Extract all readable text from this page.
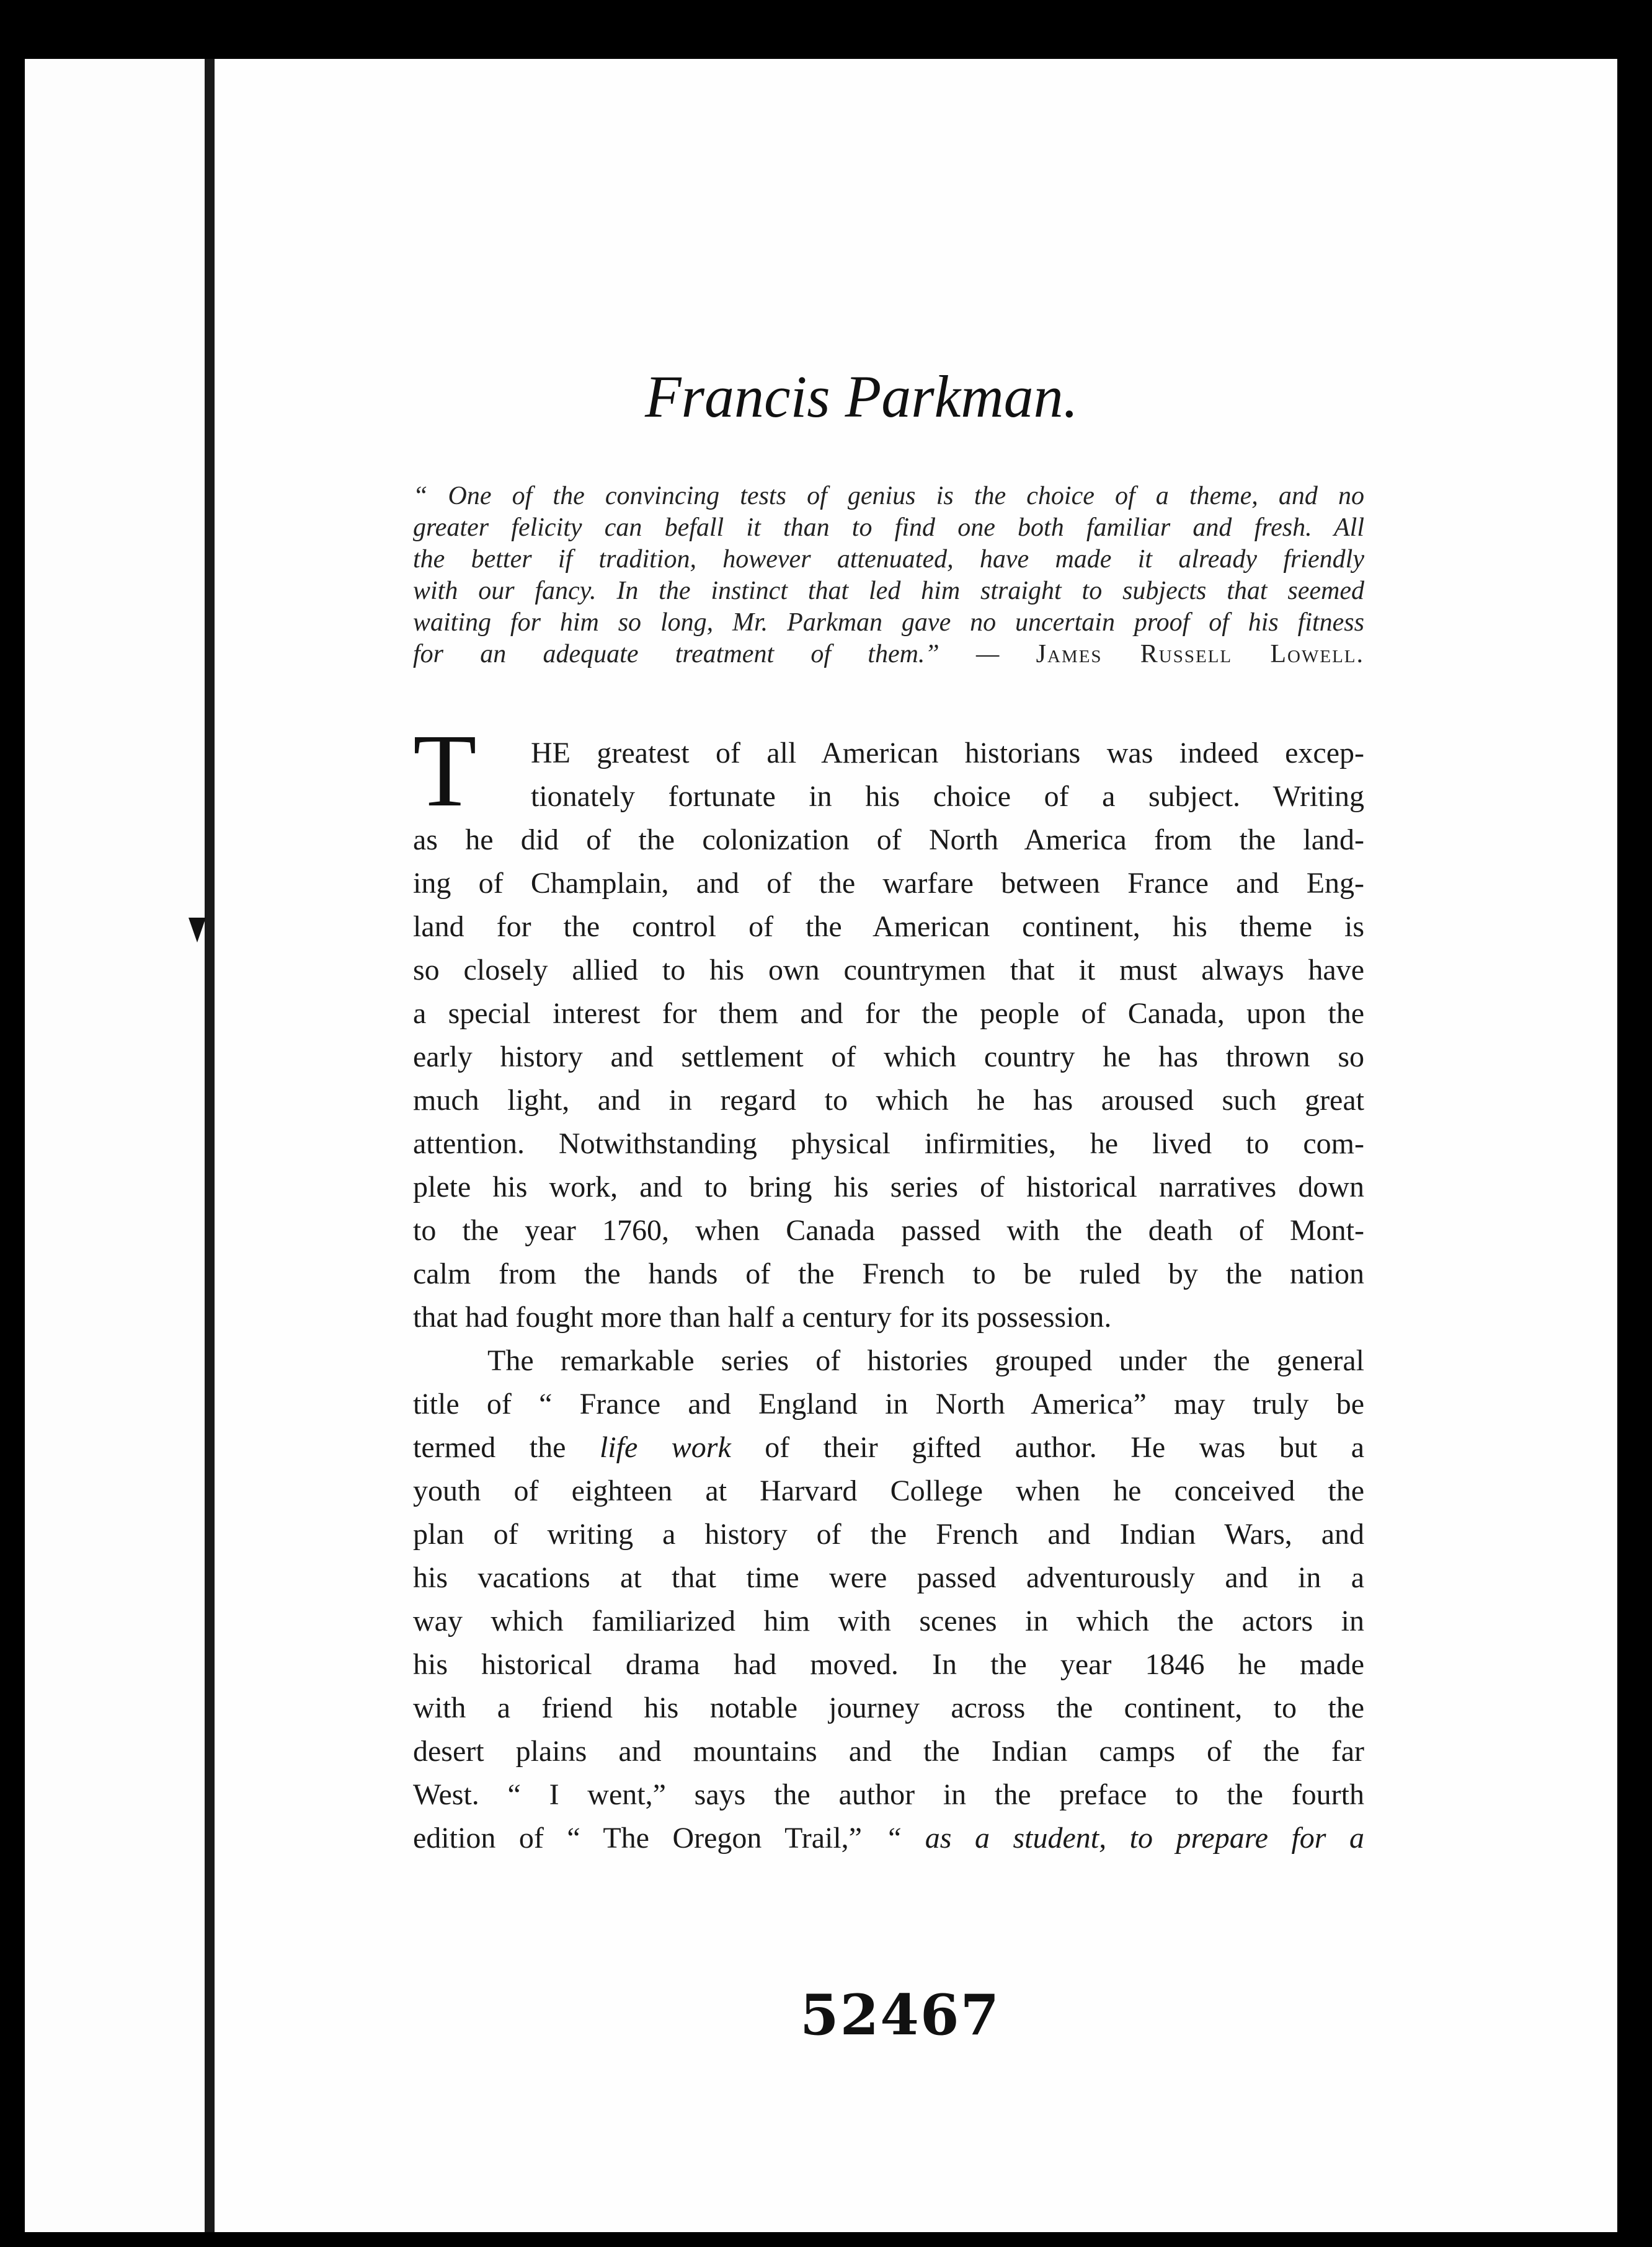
Francis Parkman.
“ One of the convincing tests of genius is the choice of a theme, and no
greater felicity can befall it than to find one both familiar and fresh. All
the better if tradition, however attenuated, have made it already friendly
with our fancy. In the instinct that led him straight to subjects that seemed
waiting for him so long, Mr. Parkman gave no uncertain proof of his fitness
for an adequate treatment of them.” — James Russell Lowell.
T	HE greatest of all American historians was indeed excep-
tionately fortunate in his choice of a subject. Writing
as he did of the colonization of North America from the land-
ing of Champlain, and of the warfare between France and Eng-
land for the control of the American continent, his theme is
so closely allied to his own countrymen that it must always have
a special interest for them and for the people of Canada, upon the
early history and settlement of which country he has thrown so
much light, and in regard to which he has aroused such great
attention. Notwithstanding physical infirmities, he lived to com-
plete his work, and to bring his series of historical narratives down
to the year 1760, when Canada passed with the death of Mont-
calm from the hands of the French to be ruled by the nation
that had fought more than half a century for its possession.
The remarkable series of histories grouped under the general
title of “ France and England in North America” may truly be
termed the life work of their gifted author. He was but a
youth of eighteen at Harvard College when he conceived the
plan of writing a history of the French and Indian Wars, and
his vacations at that time were passed adventurously and in a
way which familiarized him with scenes in which the actors in
his historical drama had moved. In the year 1846 he made
with a friend his notable journey across the continent, to the
desert plains and mountains and the Indian camps of the far
West. “ I went,” says the author in the preface to the fourth
edition of “ The Oregon Trail,” “ as a student, to prepare for a
52467
